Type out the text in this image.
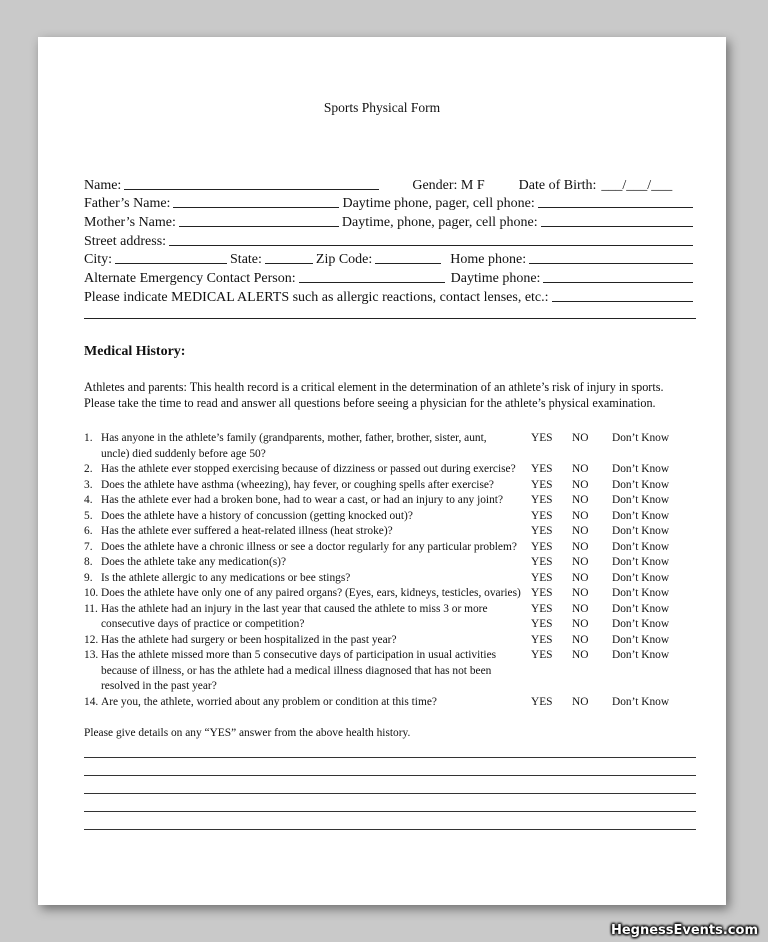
Sports Physical Form
Name:	Gender: M F Date of Birth: ___/___/___
Father’s Name:	Daytime phone, pager, cell phone:
Mother’s Name:	Daytime, phone, pager, cell phone:
Street address:
City:	State:	Zip Code:	Home phone:
Alternate Emergency Contact Person:	Daytime phone:
Please indicate MEDICAL ALERTS such as allergic reactions, contact lenses, etc.:
Medical History:
Athletes and parents: This health record is a critical element in the determination of an athlete’s risk of injury in sports.
Please take the time to read and answer all questions before seeing a physician for the athlete’s physical examination.
1. Has anyone in the athlete’s family (grandparents, mother, father, brother, sister, aunt,	YES NO Don’t Know
uncle) died suddenly before age 50?
2. Has the athlete ever stopped exercising because of dizziness or passed out during exercise? YES NO Don’t Know
3. Does the athlete have asthma (wheezing), hay fever, or coughing spells after exercise?	YES NO Don’t Know
4. Has the athlete ever had a broken bone, had to wear a cast, or had an injury to any joint? YES NO Don’t Know
5. Does the athlete have a history of concussion (getting knocked out)?	YES NO Don’t Know
6. Has the athlete ever suffered a heat-related illness (heat stroke)?	YES NO Don’t Know
7. Does the athlete have a chronic illness or see a doctor regularly for any particular problem? YES NO Don’t Know
8. Does the athlete take any medication(s)?	YES NO Don’t Know
9. Is the athlete allergic to any medications or bee stings?	YES NO Don’t Know
10. Does the athlete have only one of any paired organs? (Eyes, ears, kidneys, testicles, ovaries) YES NO Don’t Know
11. Has the athlete had an injury in the last year that caused the athlete to miss 3 or more	YES NO Don’t Know
consecutive days of practice or competition?	YES NO Don’t Know
12. Has the athlete had surgery or been hospitalized in the past year?	YES NO Don’t Know
13. Has the athlete missed more than 5 consecutive days of participation in usual activities	YES NO Don’t Know
because of illness, or has the athlete had a medical illness diagnosed that has not been
resolved in the past year?
14. Are you, the athlete, worried about any problem or condition at this time?	YES NO Don’t Know
Please give details on any “YES” answer from the above health history.
HegnessEvents.com
